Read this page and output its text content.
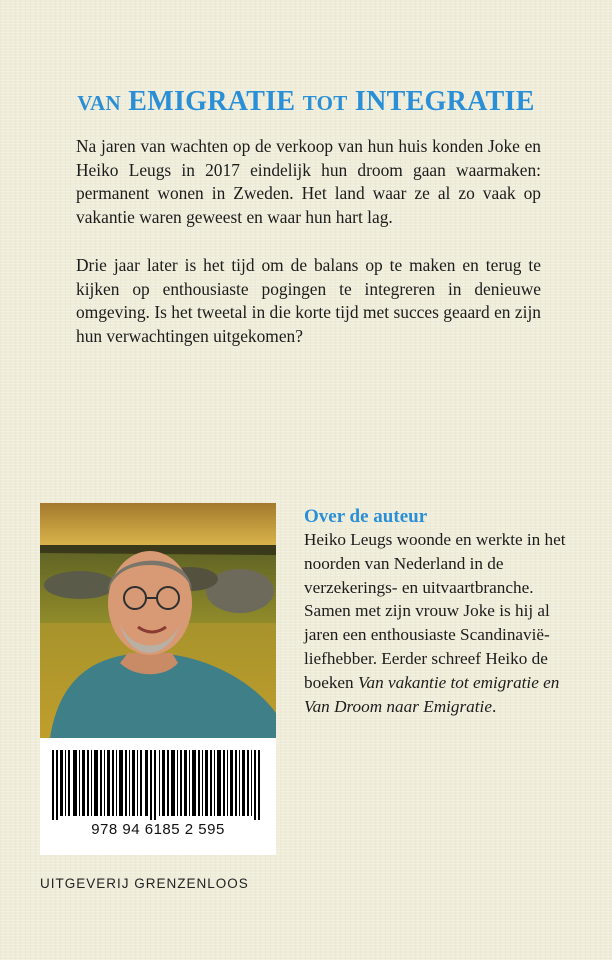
VAN EMIGRATIE TOT INTEGRATIE

Na jaren van wachten op de verkoop van hun huis konden Joke en Heiko Leugs in 2017 eindelijk hun droom gaan waarmaken: permanent wonen in Zweden. Het land waar ze al zo vaak op vakantie waren geweest en waar hun hart lag.

Drie jaar later is het tijd om de balans op te maken en terug te kijken op enthousiaste pogingen te integreren in denieuwe omgeving. Is het tweetal in die korte tijd met succes geaard en zijn hun verwachtingen uitgekomen?

978 94 6185 2 595
Over de auteur

Heiko Leugs woonde en werkte in het noorden van Nederland in de verzekerings- en uitvaartbranche. Samen met zijn vrouw Joke is hij al jaren een enthousiaste Scandinavië-liefhebber. Eerder schreef Heiko de boeken Van vakantie tot emigratie en Van Droom naar Emigratie.

UITGEVERIJ GRENZENLOOS
